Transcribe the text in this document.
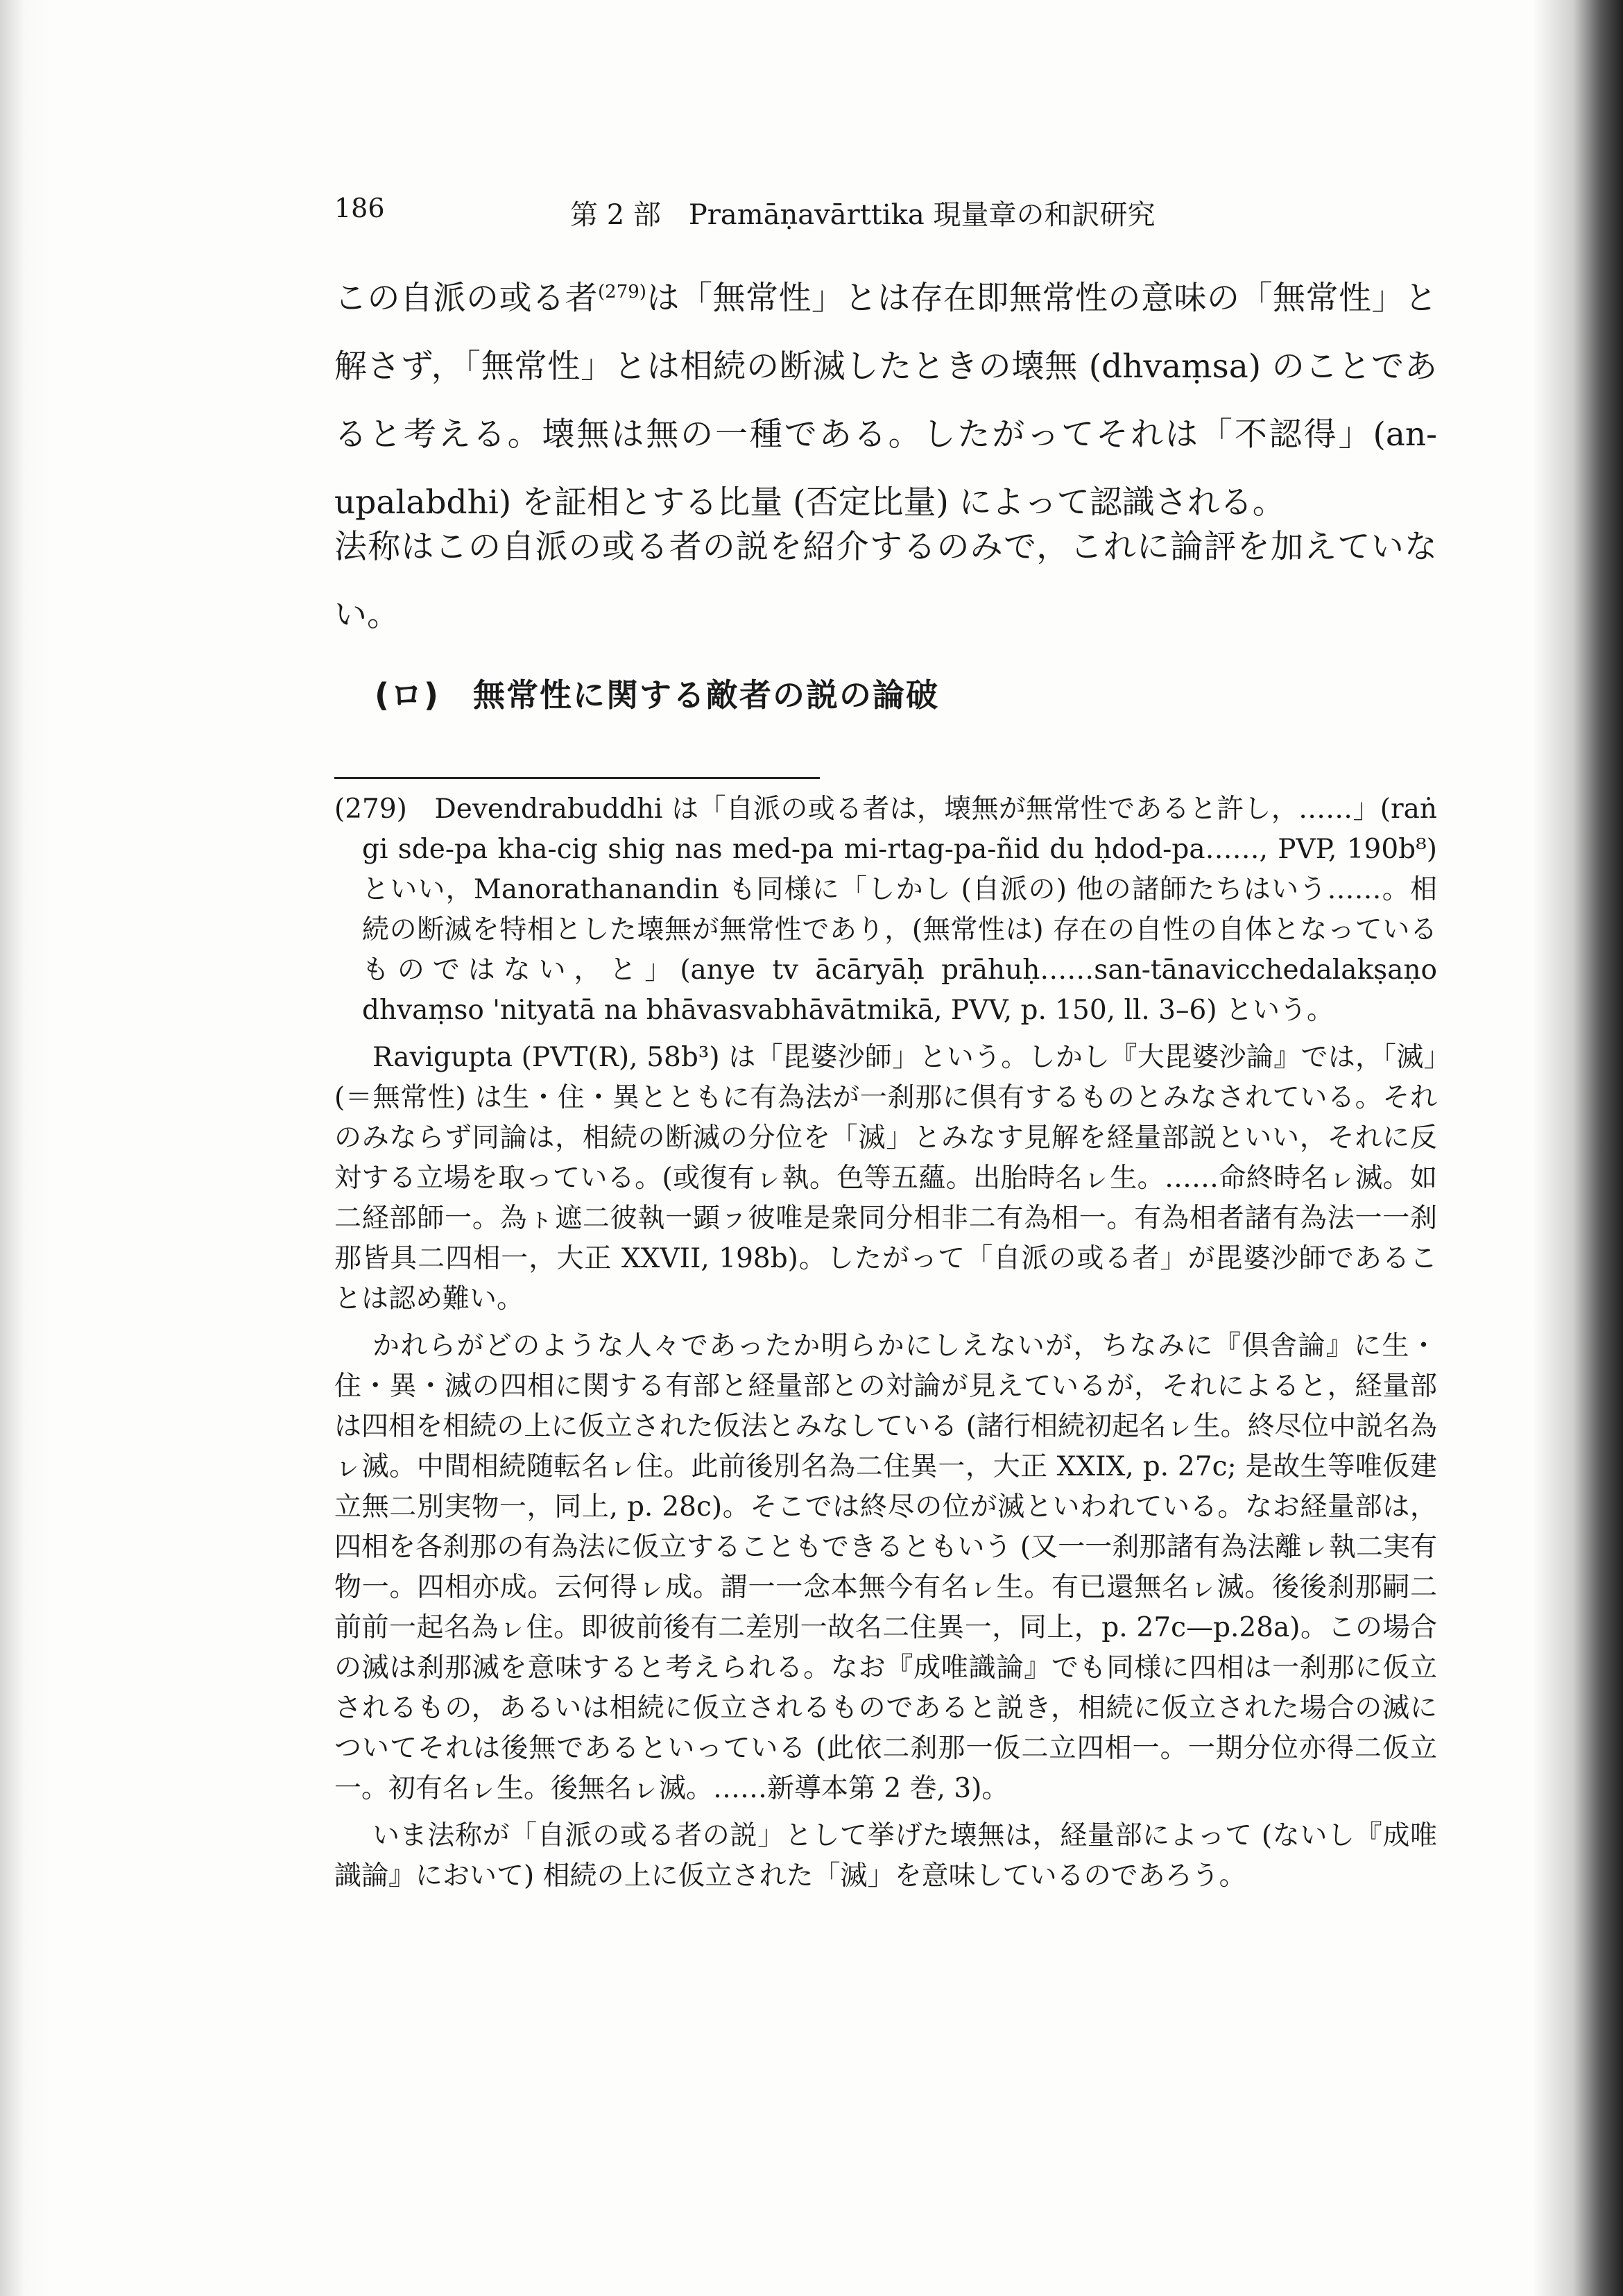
186	第 2 部　Pramāṇavārttika 現量章の和訳研究

この自派の或る者$^{(279)}$は「無常性」とは存在即無常性の意味の「無常性」と解さず，「無常性」とは相続の断滅したときの壊無 (dhvaṃsa) のことであると考える。壊無は無の一種である。したがってそれは「不認得」(an-upalabdhi) を証相とする比量 (否定比量) によって認識される。

法称はこの自派の或る者の説を紹介するのみで，これに論評を加えていない。

(ロ)　無常性に関する敵者の説の論破

(279)　Devendrabuddhi は「自派の或る者は，壊無が無常性であると許し，……」(raṅ gi sde-pa kha-cig shig nas med-pa mi-rtag-pa-ñid du ḥdod-pa……, PVP, 190b⁸) といい，Manorathanandin も同様に「しかし (自派の) 他の諸師たちはいう……。相続の断滅を特相とした壊無が無常性であり，(無常性は) 存在の自性の自体となっているものではない，と」(anye tv ācāryāḥ prāhuḥ……san-tānavicchedalakṣaṇo dhvaṃso 'nityatā na bhāvasvabhāvātmikā, PVV, p. 150, ll. 3–6) という。

Ravigupta (PVT(R), 58b³) は「毘婆沙師」という。しかし『大毘婆沙論』では，「滅」(＝無常性) は生・住・異とともに有為法が一刹那に倶有するものとみなされている。それのみならず同論は，相続の断滅の分位を「滅」とみなす見解を経量部説といい，それに反対する立場を取っている。(或復有ㇾ執。色等五蘊。出胎時名ㇾ生。……命終時名ㇾ滅。如二経部師一。為ㇳ遮二彼執一顕ㇷ彼唯是衆同分相非二有為相一。有為相者諸有為法一一刹那皆具二四相一，大正 XXVII, 198b)。したがって「自派の或る者」が毘婆沙師であることは認め難い。

かれらがどのような人々であったか明らかにしえないが，ちなみに『倶舎論』に生・住・異・滅の四相に関する有部と経量部との対論が見えているが，それによると，経量部は四相を相続の上に仮立された仮法とみなしている (諸行相続初起名ㇾ生。終尽位中説名為ㇾ滅。中間相続随転名ㇾ住。此前後別名為二住異一，大正 XXIX, p. 27c; 是故生等唯仮建立無二別実物一，同上, p. 28c)。そこでは終尽の位が滅といわれている。なお経量部は，四相を各刹那の有為法に仮立することもできるともいう (又一一刹那諸有為法離ㇾ執二実有物一。四相亦成。云何得ㇾ成。謂一一念本無今有名ㇾ生。有已還無名ㇾ滅。後後刹那嗣二前前一起名為ㇾ住。即彼前後有二差別一故名二住異一，同上，p. 27c—p.28a)。この場合の滅は刹那滅を意味すると考えられる。なお『成唯識論』でも同様に四相は一刹那に仮立されるもの，あるいは相続に仮立されるものであると説き，相続に仮立された場合の滅についてそれは後無であるといっている (此依二刹那一仮二立四相一。一期分位亦得二仮立一。初有名ㇾ生。後無名ㇾ滅。……新導本第 2 巻, 3)。

いま法称が「自派の或る者の説」として挙げた壊無は，経量部によって (ないし『成唯識論』において) 相続の上に仮立された「滅」を意味しているのであろう。
